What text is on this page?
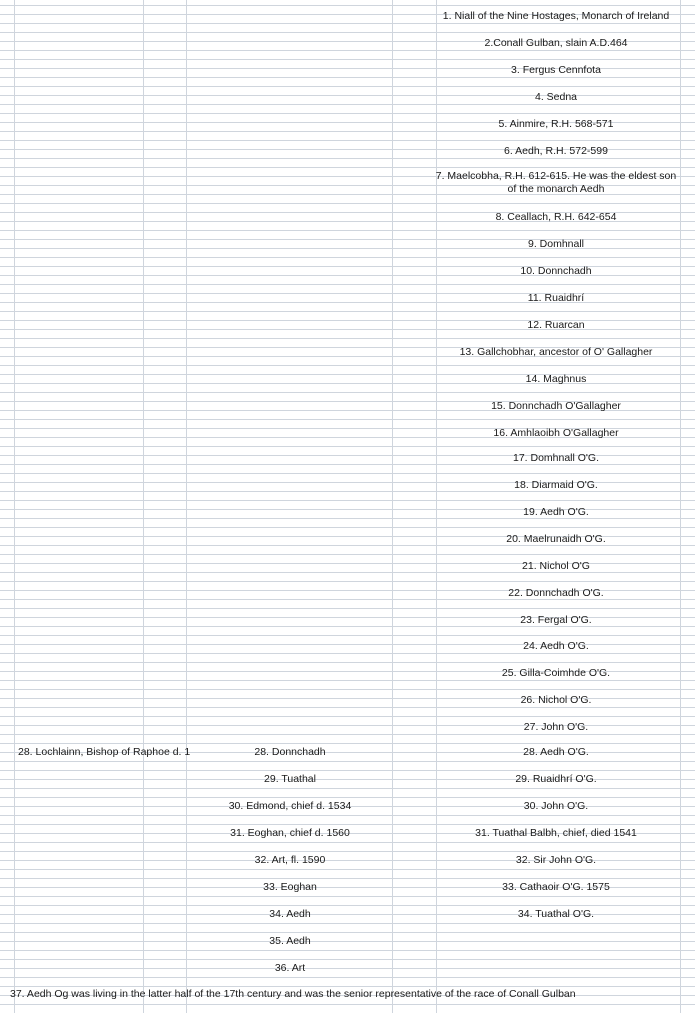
28. Lochlainn, Bishop of Raphoe d. 1
37. Aedh Og was living in the latter half of the 17th century and was the senior representative of the race of Conall Gulban
1. Niall of the Nine Hostages, Monarch of Ireland
2.Conall Gulban, slain A.D.464
3. Fergus Cennfota
4. Sedna
5. Ainmire, R.H. 568-571
6. Aedh, R.H. 572-599
7. Maelcobha, R.H. 612-615. He was the eldest son of the monarch Aedh
8. Ceallach, R.H. 642-654
9. Domhnall
10. Donnchadh
11. Ruaidhrí
12. Ruarcan
13. Gallchobhar, ancestor of O' Gallagher
14. Maghnus
15. Donnchadh O'Gallagher
16. Amhlaoibh O'Gallagher
17. Domhnall O'G.
18. Diarmaid O'G.
19. Aedh O'G.
20. Maelrunaidh O'G.
21. Nichol O'G
22. Donnchadh O'G.
23. Fergal O'G.
24. Aedh O'G.
25. Gilla-Coimhde O'G.
26. Nichol O'G.
27. John O'G.
28. Aedh O'G.
29. Ruaidhrí O'G.
30. John O'G.
31. Tuathal Balbh, chief, died 1541
32. Sir John O'G.
33. Cathaoir O'G. 1575
34. Tuathal O'G.
28. Donnchadh
29. Tuathal
30. Edmond, chief d. 1534
31. Eoghan, chief d. 1560
32. Art, fl. 1590
33. Eoghan
34. Aedh
35. Aedh
36. Art
